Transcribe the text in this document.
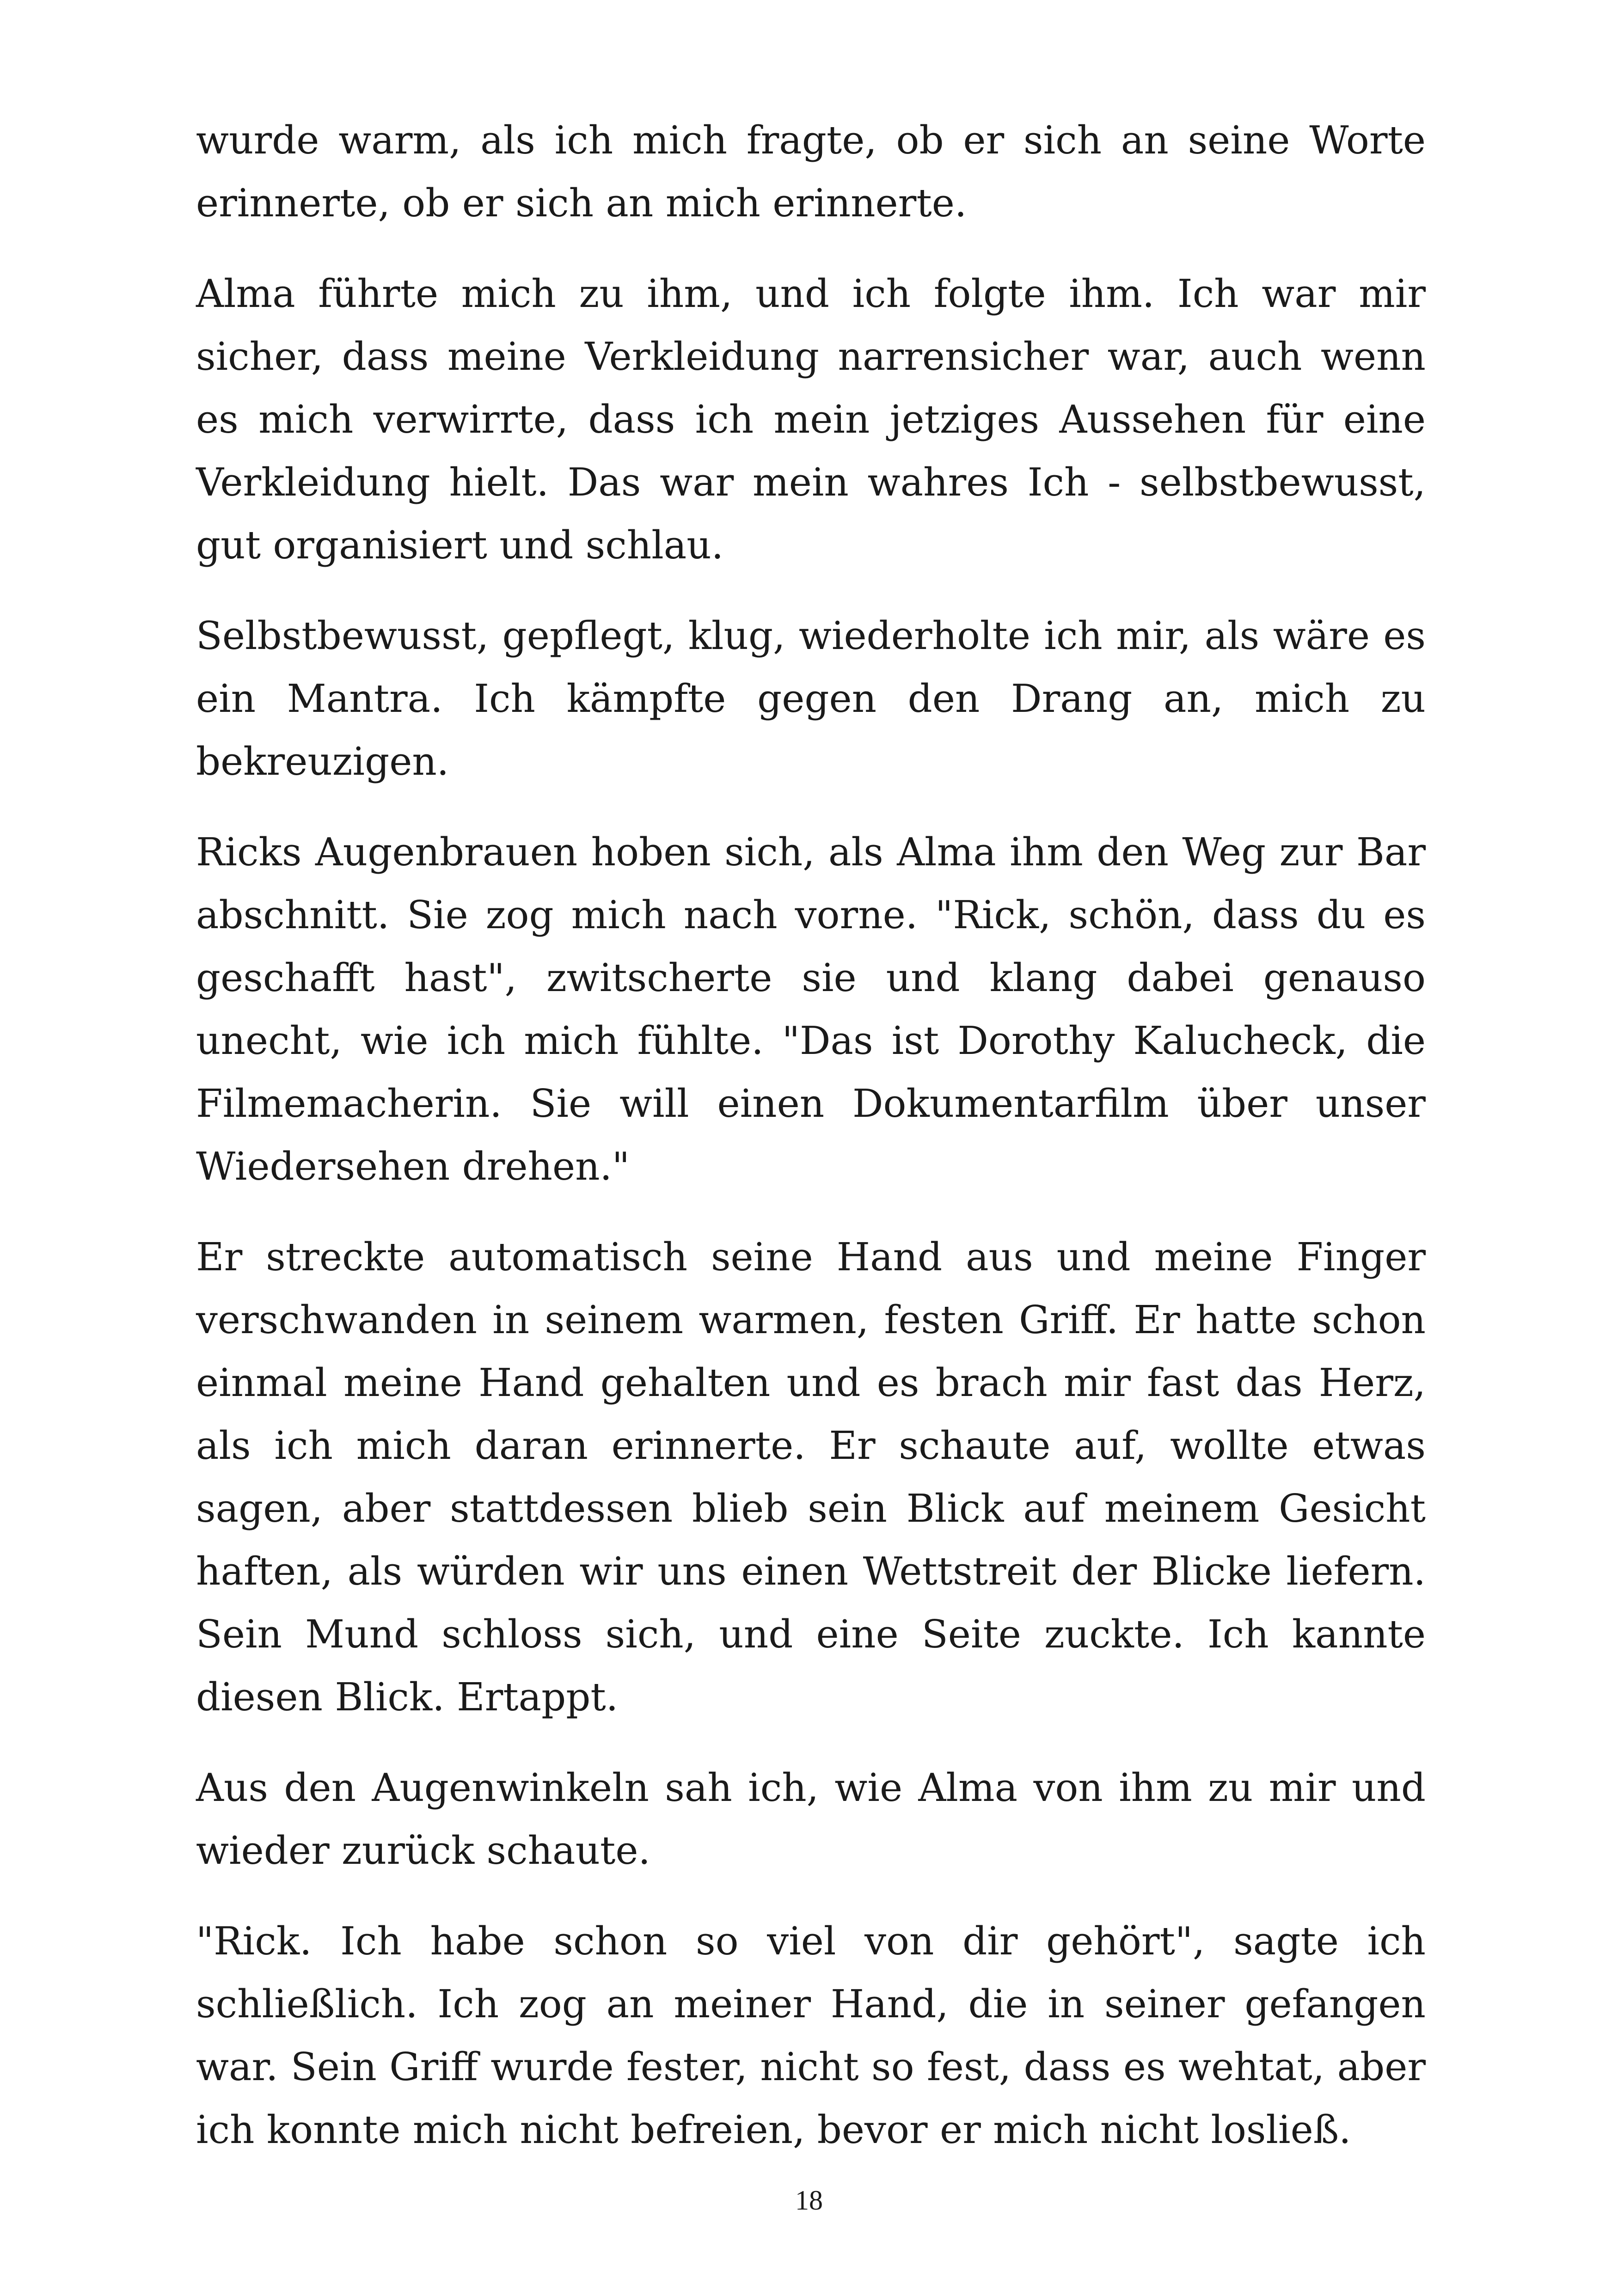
wurde warm, als ich mich fragte, ob er sich an seine Worte erinnerte, ob er sich an mich erinnerte.

Alma führte mich zu ihm, und ich folgte ihm. Ich war mir sicher, dass meine Verkleidung narrensicher war, auch wenn es mich verwirrte, dass ich mein jetziges Aussehen für eine Verkleidung hielt. Das war mein wahres Ich - selbstbewusst, gut organisiert und schlau.

Selbstbewusst, gepflegt, klug, wiederholte ich mir, als wäre es ein Mantra. Ich kämpfte gegen den Drang an, mich zu bekreuzigen.

Ricks Augenbrauen hoben sich, als Alma ihm den Weg zur Bar abschnitt. Sie zog mich nach vorne. "Rick, schön, dass du es geschafft hast", zwitscherte sie und klang dabei genauso unecht, wie ich mich fühlte. "Das ist Dorothy Kalucheck, die Filmemacherin. Sie will einen Dokumentarfilm über unser Wiedersehen drehen."

Er streckte automatisch seine Hand aus und meine Finger verschwanden in seinem warmen, festen Griff. Er hatte schon einmal meine Hand gehalten und es brach mir fast das Herz, als ich mich daran erinnerte. Er schaute auf, wollte etwas sagen, aber stattdessen blieb sein Blick auf meinem Gesicht haften, als würden wir uns einen Wettstreit der Blicke liefern. Sein Mund schloss sich, und eine Seite zuckte. Ich kannte diesen Blick. Ertappt.

Aus den Augenwinkeln sah ich, wie Alma von ihm zu mir und wieder zurück schaute.

"Rick. Ich habe schon so viel von dir gehört", sagte ich schließlich. Ich zog an meiner Hand, die in seiner gefangen war. Sein Griff wurde fester, nicht so fest, dass es wehtat, aber ich konnte mich nicht befreien, bevor er mich nicht losließ.

18
